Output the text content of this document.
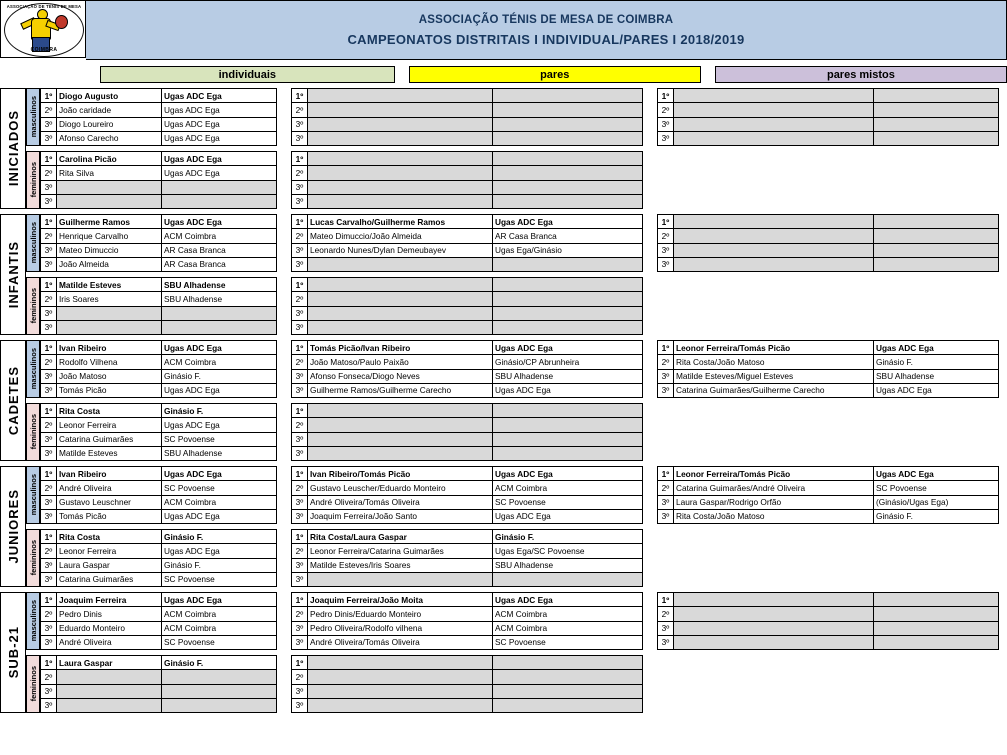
ASSOCIAÇÃO DE TÉNIS DE MESA
COIMBRA
ASSOCIAÇÃO TÉNIS DE MESA DE COIMBRA
CAMPEONATOS DISTRITAIS I INDIVIDUAL/PARES I 2018/2019
individuais	pares	pares mistos
INICIADOS masculinos
1º	Diogo Augusto	Ugas ADC Ega
2º	João caridade	Ugas ADC Ega
3º	Diogo Loureiro	Ugas ADC Ega
3º	Afonso Carecho	Ugas ADC Ega
1º		
2º		
3º		
3º		
1º		
2º		
3º		
3º		
femininos
1º	Carolina Picão	Ugas ADC Ega
2º	Rita Silva	Ugas ADC Ega
3º		
3º		
1º		
2º		
3º		
3º		
INFANTIS masculinos
1º	Guilherme Ramos	Ugas ADC Ega
2º	Henrique Carvalho	ACM Coimbra
3º	Mateo Dimuccio	AR Casa Branca
3º	João Almeida	AR Casa Branca
1º	Lucas Carvalho/Guilherme Ramos	Ugas ADC Ega
2º	Mateo Dimuccio/João Almeida	AR Casa Branca
3º	Leonardo Nunes/Dylan Demeubayev	Ugas Ega/Ginásio
3º		
1º		
2º		
3º		
3º		
femininos
1º	Matilde Esteves	SBU Alhadense
2º	Iris Soares	SBU Alhadense
3º		
3º		
1º		
2º		
3º		
3º		
CADETES masculinos
1º	Ivan Ribeiro	Ugas ADC Ega
2º	Rodolfo Vilhena	ACM Coimbra
3º	João Matoso	Ginásio F.
3º	Tomás Picão	Ugas ADC Ega
1º	Tomás Picão/Ivan Ribeiro	Ugas ADC Ega
2º	João Matoso/Paulo Paixão	Ginásio/CP Abrunheira
3º	Afonso Fonseca/Diogo Neves	SBU Alhadense
3º	Guilherme Ramos/Guilherme Carecho	Ugas ADC Ega
1º	Leonor Ferreira/Tomás Picão	Ugas ADC Ega
2º	Rita Costa/João Matoso	Ginásio F.
3º	Matilde Esteves/Miguel Esteves	SBU Alhadense
3º	Catarina Guimarães/Guilherme Carecho	Ugas ADC Ega
femininos
1º	Rita Costa	Ginásio F.
2º	Leonor Ferreira	Ugas ADC Ega
3º	Catarina Guimarães	SC Povoense
3º	Matilde Esteves	SBU Alhadense
1º		
2º		
3º		
3º		
JUNIORES masculinos
1º	Ivan Ribeiro	Ugas ADC Ega
2º	André Oliveira	SC Povoense
3º	Gustavo Leuschner	ACM Coimbra
3º	Tomás Picão	Ugas ADC Ega
1º	Ivan Ribeiro/Tomás Picão	Ugas ADC Ega
2º	Gustavo Leuscher/Eduardo Monteiro	ACM Coimbra
3º	André Oliveira/Tomás Oliveira	SC Povoense
3º	Joaquim Ferreira/João Santo	Ugas ADC Ega
1º	Leonor Ferreira/Tomás Picão	Ugas ADC Ega
2º	Catarina Guimarães/André Oliveira	SC Povoense
3º	Laura Gaspar/Rodrigo Orfão	(Ginásio/Ugas Ega)
3º	Rita Costa/João Matoso	Ginásio F.
femininos
1º	Rita Costa	Ginásio F.
2º	Leonor Ferreira	Ugas ADC Ega
3º	Laura Gaspar	Ginásio F.
3º	Catarina Guimarães	SC Povoense
1º	Rita Costa/Laura Gaspar	Ginásio F.
2º	Leonor Ferreira/Catarina Guimarães	Ugas Ega/SC Povoense
3º	Matilde Esteves/Iris Soares	SBU Alhadense
3º		
SUB-21
masculinos
1º	Joaquim Ferreira	Ugas ADC Ega
2º	Pedro Dinis	ACM Coimbra
3º	Eduardo Monteiro	ACM Coimbra
3º	André Oliveira	SC Povoense
1º	Joaquim Ferreira/João Moita	Ugas ADC Ega
2º	Pedro Dinis/Eduardo Monteiro	ACM Coimbra
3º	Pedro Oliveira/Rodolfo vilhena	ACM Coimbra
3º	André Oliveira/Tomás Oliveira	SC Povoense
1º		
2º		
3º		
3º		
femininos
1º	Laura Gaspar	Ginásio F.
2º		
3º		
3º		
1º		
2º		
3º		
3º		
